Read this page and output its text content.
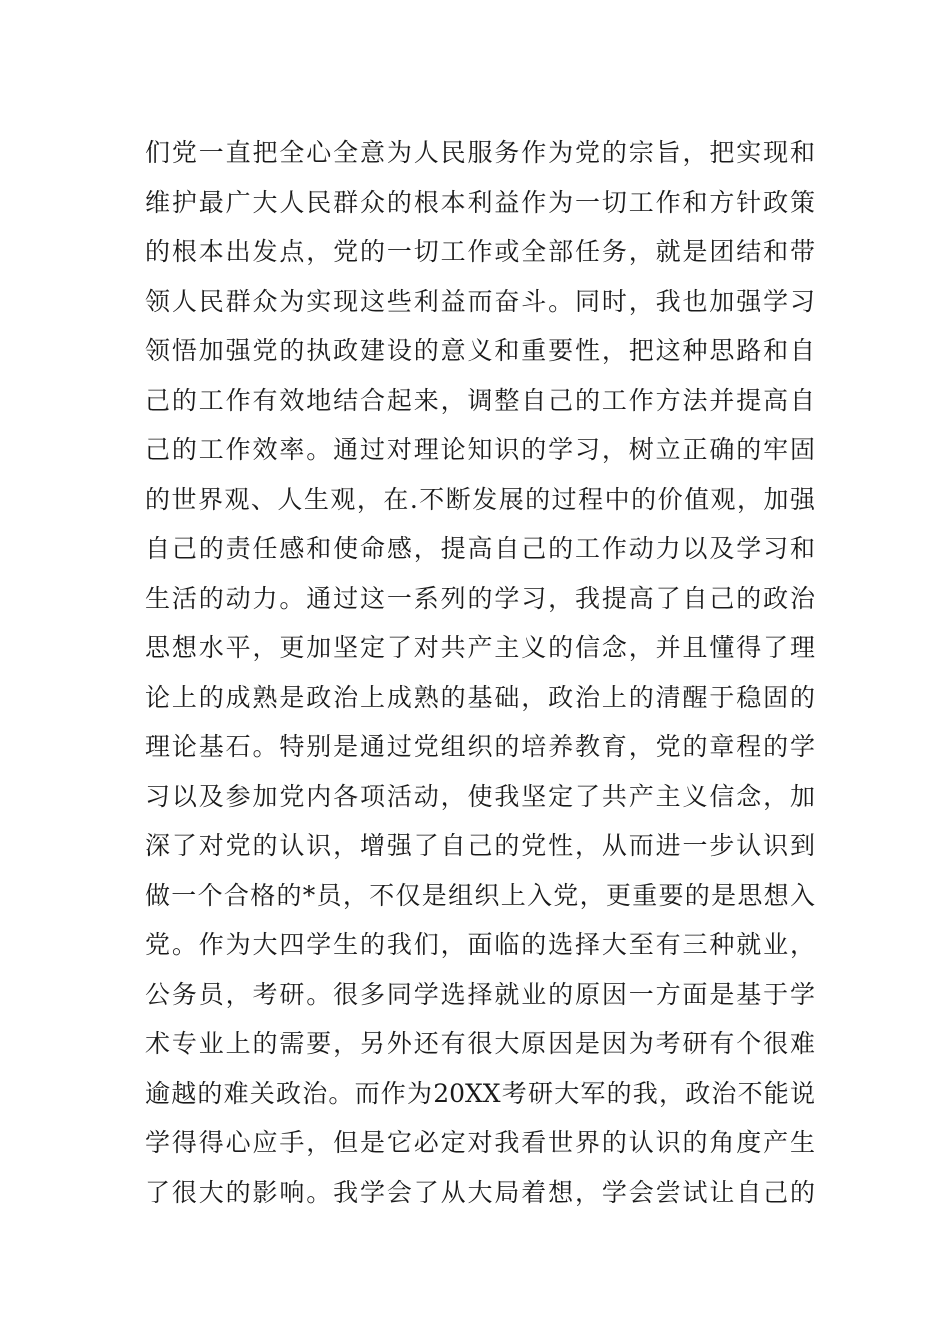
们党一直把全心全意为人民服务作为党的宗旨，把实现和
维护最广大人民群众的根本利益作为一切工作和方针政策
的根本出发点，党的一切工作或全部任务，就是团结和带
领人民群众为实现这些利益而奋斗。同时，我也加强学习
领悟加强党的执政建设的意义和重要性，把这种思路和自
己的工作有效地结合起来，调整自己的工作方法并提高自
己的工作效率。通过对理论知识的学习，树立正确的牢固
的世界观、人生观，在.不断发展的过程中的价值观，加强
自己的责任感和使命感，提高自己的工作动力以及学习和
生活的动力。通过这一系列的学习，我提高了自己的政治
思想水平，更加坚定了对共产主义的信念，并且懂得了理
论上的成熟是政治上成熟的基础，政治上的清醒于稳固的
理论基石。特别是通过党组织的培养教育，党的章程的学
习以及参加党内各项活动，使我坚定了共产主义信念，加
深了对党的认识，增强了自己的党性，从而进一步认识到
做一个合格的*员，不仅是组织上入党，更重要的是思想入
党。作为大四学生的我们，面临的选择大至有三种就业，
公务员，考研。很多同学选择就业的原因一方面是基于学
术专业上的需要，另外还有很大原因是因为考研有个很难
逾越的难关政治。而作为20XX考研大军的我，政治不能说
学得得心应手，但是它必定对我看世界的认识的角度产生
了很大的影响。我学会了从大局着想，学会尝试让自己的
